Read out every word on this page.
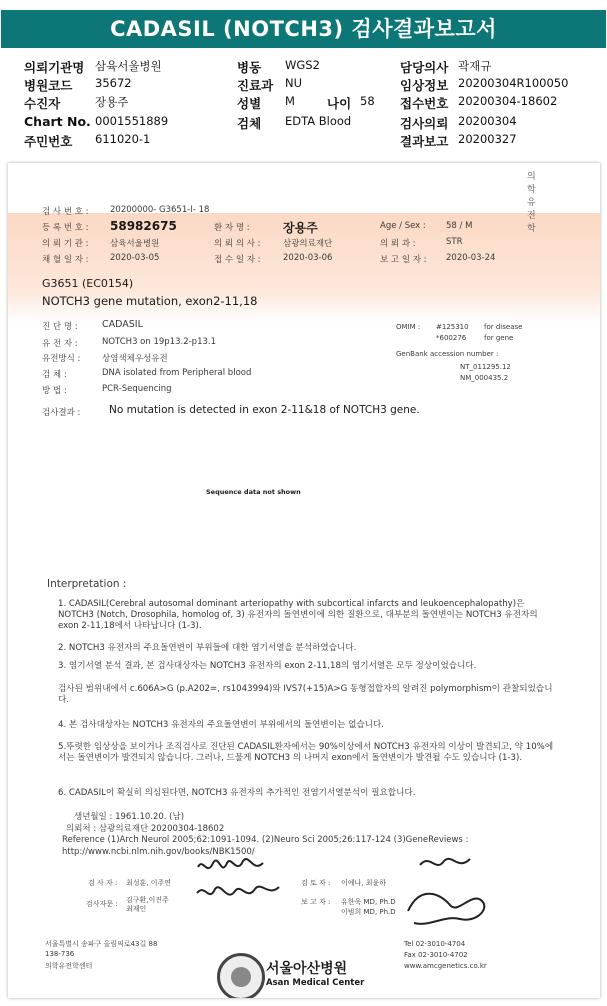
CADASIL (NOTCH3) 검사결과보고서
의뢰기관명 삼육서울병원
병원코드 35672
수진자	장용주
Chart No. 0001551889
주민번호 611020-1
병동 WGS2
진료과 NU
성별 M	나이 58
검체 EDTA Blood
담당의사 곽재규
임상정보 20200304R100050
접수번호 20200304-18602
검사의뢰 20200304
결과보고 20200327
의학유전학
검 사 번 호 :	20200000- G3651-I- 18
등 록 번 호 : 58982675	환 자 명 :	장용주	Age / Sex : 58 / M
의 뢰 기 관 :	삼육서울병원	의 뢰 의 사 :	삼광의료재단	의 뢰 과 :	STR
채 혈 일 자 :	2020-03-05	접 수 일 자 :	2020-03-06	보 고 일 자 : 2020-03-24
G3651 (EC0154)
NOTCH3 gene mutation, exon2-11,18
진 단 명 :	CADASIL
유 전 자 :	NOTCH3 on 19p13.2-p13.1
유전방식 :	상염색체우성유전
검 체 :	DNA isolated from Peripheral blood
방 법 :	PCR-Sequencing
OMIM : #125310 for disease
*600276	for gene
GenBank accession number :
NT_011295.12
NM_000435.2
검사결과 :	No mutation is detected in exon 2-11&18 of NOTCH3 gene.
Sequence data not shown
Interpretation :
1. CADASIL(Cerebral autosomal dominant arteriopathy with subcortical infarcts and leukoencephalopathy)은 NOTCH3 (Notch, Drosophila, homolog of, 3) 유전자의 돌연변이에 의한 질환으로, 대부분의 돌연변이는 NOTCH3 유전자의 exon 2-11,18에서 나타납니다 (1-3).
2. NOTCH3 유전자의 주요돌연변이 부위들에 대한 염기서열을 분석하였습니다.
3. 염기서열 분석 결과, 본 검사대상자는 NOTCH3 유전자의 exon 2-11,18의 염기서열은 모두 정상이었습니다.
검사된 범위내에서 c.606A>G (p.A202=, rs1043994)와 IVS7(+15)A>G 동형접합자의 알려진 polymorphism이 관찰되었습니다.
4. 본 검사대상자는 NOTCH3 유전자의 주요돌연변이 부위에서의 돌연변이는 없습니다.
5.뚜렷한 임상상을 보이거나 조직검사로 진단된 CADASIL환자에서는 90%이상에서 NOTCH3 유전자의 이상이 발견되고, 약 10%에서는 돌연변이가 발견되지 않습니다. 그러나, 드물게 NOTCH3 의 나머지 exon에서 돌연변이가 발견될 수도 있습니다 (1-3).
6. CADASIL이 확실히 의심된다면, NOTCH3 유전자의 추가적인 전염기서열분석이 필요합니다.
생년월일 : 1961.10.20. (남)
의뢰처 : 삼광의료재단 20200304-18602
Reference (1)Arch Neurol 2005;62:1091-1094. (2)Neuro Sci 2005;26:117-124 (3)GeneReviews :
http://www.ncbi.nlm.nih.gov/books/NBK1500/
검 사 자 : 최성훈, 이주연
검사자문 : 김구환,이진주
최재인
검 토 자 : 이예나, 최윤하
보 고 자 : 유한욱 MD, Ph.D
이범희 MD, Ph.D
서울특별시 송파구 올림픽로43길 88
138-736
의학유전학센터	서울아산병원
Asan Medical Center
Tel 02-3010-4704
Fax 02-3010-4702
www.amcgenetics.co.kr
